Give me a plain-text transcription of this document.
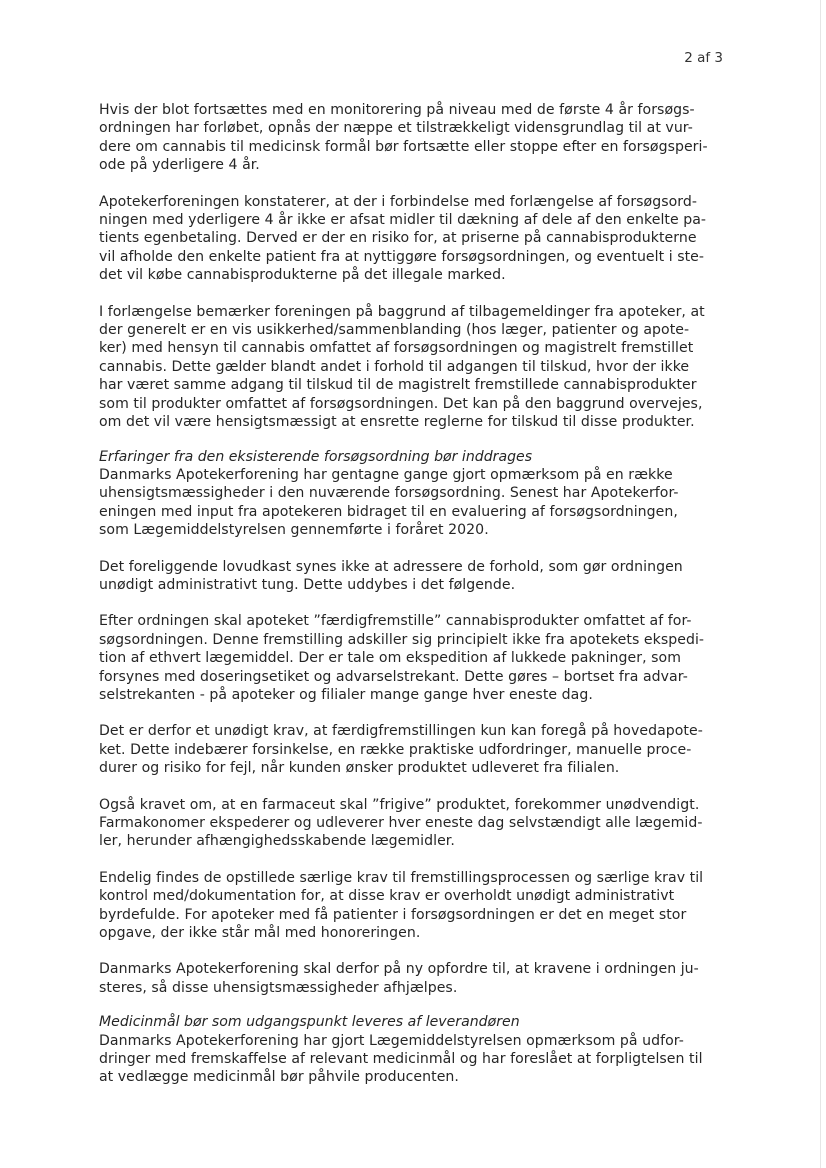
2 af 3

Hvis der blot fortsættes med en monitorering på niveau med de første 4 år forsøgs-
ordningen har forløbet, opnås der næppe et tilstrækkeligt vidensgrundlag til at vur-
dere om cannabis til medicinsk formål bør fortsætte eller stoppe efter en forsøgsperi-
ode på yderligere 4 år.

Apotekerforeningen konstaterer, at der i forbindelse med forlængelse af forsøgsord-
ningen med yderligere 4 år ikke er afsat midler til dækning af dele af den enkelte pa-
tients egenbetaling. Derved er der en risiko for, at priserne på cannabisprodukterne
vil afholde den enkelte patient fra at nyttiggøre forsøgsordningen, og eventuelt i ste-
det vil købe cannabisprodukterne på det illegale marked.

I forlængelse bemærker foreningen på baggrund af tilbagemeldinger fra apoteker, at
der generelt er en vis usikkerhed/sammenblanding (hos læger, patienter og apote-
ker) med hensyn til cannabis omfattet af forsøgsordningen og magistrelt fremstillet
cannabis. Dette gælder blandt andet i forhold til adgangen til tilskud, hvor der ikke
har været samme adgang til tilskud til de magistrelt fremstillede cannabisprodukter
som til produkter omfattet af forsøgsordningen. Det kan på den baggrund overvejes,
om det vil være hensigtsmæssigt at ensrette reglerne for tilskud til disse produkter.

Erfaringer fra den eksisterende forsøgsordning bør inddrages

Danmarks Apotekerforening har gentagne gange gjort opmærksom på en række
uhensigtsmæssigheder i den nuværende forsøgsordning. Senest har Apotekerfor-
eningen med input fra apotekeren bidraget til en evaluering af forsøgsordningen,
som Lægemiddelstyrelsen gennemførte i foråret 2020.

Det foreliggende lovudkast synes ikke at adressere de forhold, som gør ordningen
unødigt administrativt tung. Dette uddybes i det følgende.

Efter ordningen skal apoteket ”færdigfremstille” cannabisprodukter omfattet af for-
søgsordningen. Denne fremstilling adskiller sig principielt ikke fra apotekets ekspedi-
tion af ethvert lægemiddel. Der er tale om ekspedition af lukkede pakninger, som
forsynes med doseringsetiket og advarselstrekant. Dette gøres – bortset fra advar-
selstrekanten - på apoteker og filialer mange gange hver eneste dag.

Det er derfor et unødigt krav, at færdigfremstillingen kun kan foregå på hovedapote-
ket. Dette indebærer forsinkelse, en række praktiske udfordringer, manuelle proce-
durer og risiko for fejl, når kunden ønsker produktet udleveret fra filialen.

Også kravet om, at en farmaceut skal ”frigive” produktet, forekommer unødvendigt.
Farmakonomer ekspederer og udleverer hver eneste dag selvstændigt alle lægemid-
ler, herunder afhængighedsskabende lægemidler.

Endelig findes de opstillede særlige krav til fremstillingsprocessen og særlige krav til
kontrol med/dokumentation for, at disse krav er overholdt unødigt administrativt
byrdefulde. For apoteker med få patienter i forsøgsordningen er det en meget stor
opgave, der ikke står mål med honoreringen.

Danmarks Apotekerforening skal derfor på ny opfordre til, at kravene i ordningen ju-
steres, så disse uhensigtsmæssigheder afhjælpes.

Medicinmål bør som udgangspunkt leveres af leverandøren

Danmarks Apotekerforening har gjort Lægemiddelstyrelsen opmærksom på udfor-
dringer med fremskaffelse af relevant medicinmål og har foreslået at forpligtelsen til
at vedlægge medicinmål bør påhvile producenten.
